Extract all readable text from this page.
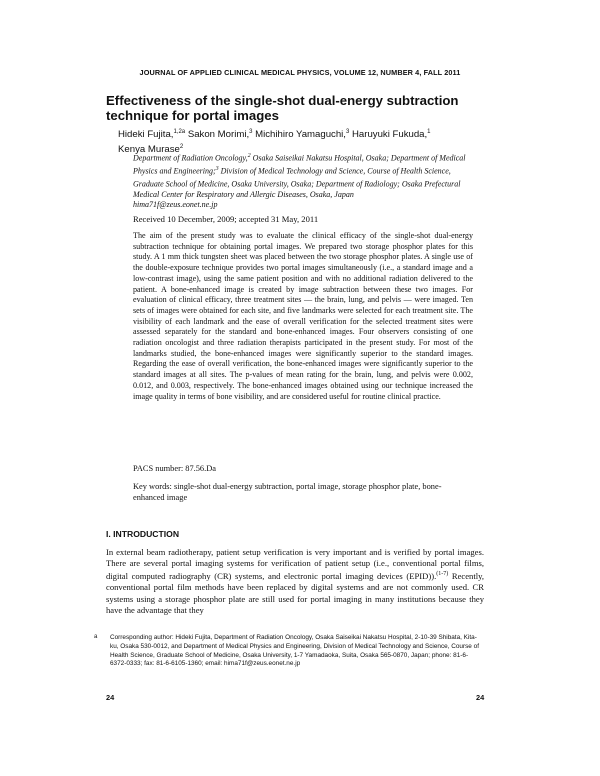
JOURNAL OF APPLIED CLINICAL MEDICAL PHYSICS, VOLUME 12, NUMBER 4, FALL 2011
Effectiveness of the single-shot dual-energy subtraction technique for portal images
Hideki Fujita,$^{1,2a}$ Sakon Morimi,$^3$ Michihiro Yamaguchi,$^3$ Haruyuki Fukuda,$^1$ Kenya Murase$^2$
Department of Radiation Oncology,$^2$ Osaka Saiseikai Nakatsu Hospital, Osaka; Department of Medical Physics and Engineering;$^3$ Division of Medical Technology and Science, Course of Health Science, Graduate School of Medicine, Osaka University, Osaka; Department of Radiology; Osaka Prefectural Medical Center for Respiratory and Allergic Diseases, Osaka, Japan
hima71f@zeus.eonet.ne.jp
Received 10 December, 2009; accepted 31 May, 2011

The aim of the present study was to evaluate the clinical efficacy of the single-shot dual-energy subtraction technique for obtaining portal images. We prepared two storage phosphor plates for this study. A 1 mm thick tungsten sheet was placed between the two storage phosphor plates. A single use of the double-exposure technique provides two portal images simultaneously (i.e., a standard image and a low-contrast image), using the same patient position and with no additional radiation delivered to the patient. A bone-enhanced image is created by image subtraction between these two images. For evaluation of clinical efficacy, three treatment sites — the brain, lung, and pelvis — were imaged. Ten sets of images were obtained for each site, and five landmarks were selected for each treatment site. The visibility of each landmark and the ease of overall verification for the selected treatment sites were assessed separately for the standard and bone-enhanced images. Four observers consisting of one radiation oncologist and three radiation therapists participated in the present study. For most of the landmarks studied, the bone-enhanced images were significantly superior to the standard images. Regarding the ease of overall verification, the bone-enhanced images were significantly superior to the standard images at all sites. The p-values of mean rating for the brain, lung, and pelvis were 0.002, 0.012, and 0.003, respectively. The bone-enhanced images obtained using our technique increased the image quality in terms of bone visibility, and are considered useful for routine clinical practice.

PACS number: 87.56.Da
Key words: single-shot dual-energy subtraction, portal image, storage phosphor plate, bone-enhanced image
I. INTRODUCTION

In external beam radiotherapy, patient setup verification is very important and is verified by portal images. There are several portal imaging systems for verification of patient setup (i.e., conventional portal films, digital computed radiography (CR) systems, and electronic portal imaging devices (EPID)).$^{(1-7)}$ Recently, conventional portal film methods have been replaced by digital systems and are not commonly used. CR systems using a storage phosphor plate are still used for portal imaging in many institutions because they have the advantage that they

a	Corresponding author: Hideki Fujita, Department of Radiation Oncology, Osaka Saiseikai Nakatsu Hospital, 2-10-39 Shibata, Kita-ku, Osaka 530-0012, and Department of Medical Physics and Engineering, Division of Medical Technology and Science, Course of Health Science, Graduate School of Medicine, Osaka University, 1-7 Yamadaoka, Suita, Osaka 565-0870, Japan; phone: 81-6-6372-0333; fax: 81-6-6105-1360; email: hima71f@zeus.eonet.ne.jp
24	24
